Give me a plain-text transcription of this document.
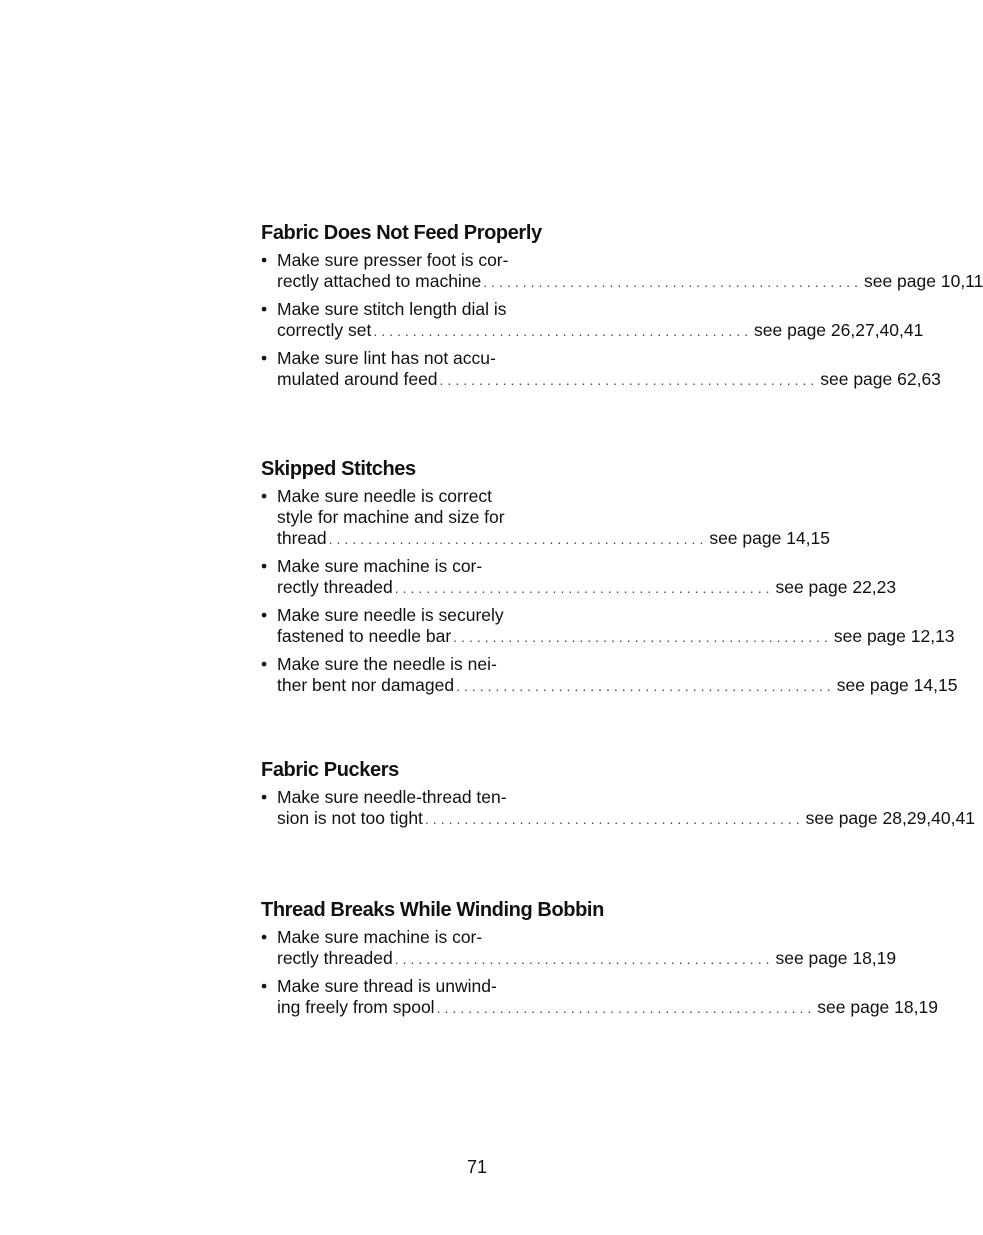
Fabric Does Not Feed Properly
• Make sure presser foot is cor-
rectly attached to machine ................................................ see page 10,11
• Make sure stitch length dial is
correctly set ................................................ see page 26,27,40,41
• Make sure lint has not accu-
mulated around feed ................................................ see page 62,63
Skipped Stitches
• Make sure needle is correct
style for machine and size for
thread ................................................ see page 14,15
• Make sure machine is cor-
rectly threaded ................................................ see page 22,23
• Make sure needle is securely
fastened to needle bar ................................................ see page 12,13
• Make sure the needle is nei-
ther bent nor damaged ................................................ see page 14,15
Fabric Puckers
• Make sure needle-thread ten-
sion is not too tight ................................................ see page 28,29,40,41
Thread Breaks While Winding Bobbin
• Make sure machine is cor-
rectly threaded ................................................ see page 18,19
• Make sure thread is unwind-
ing freely from spool ................................................ see page 18,19
71
